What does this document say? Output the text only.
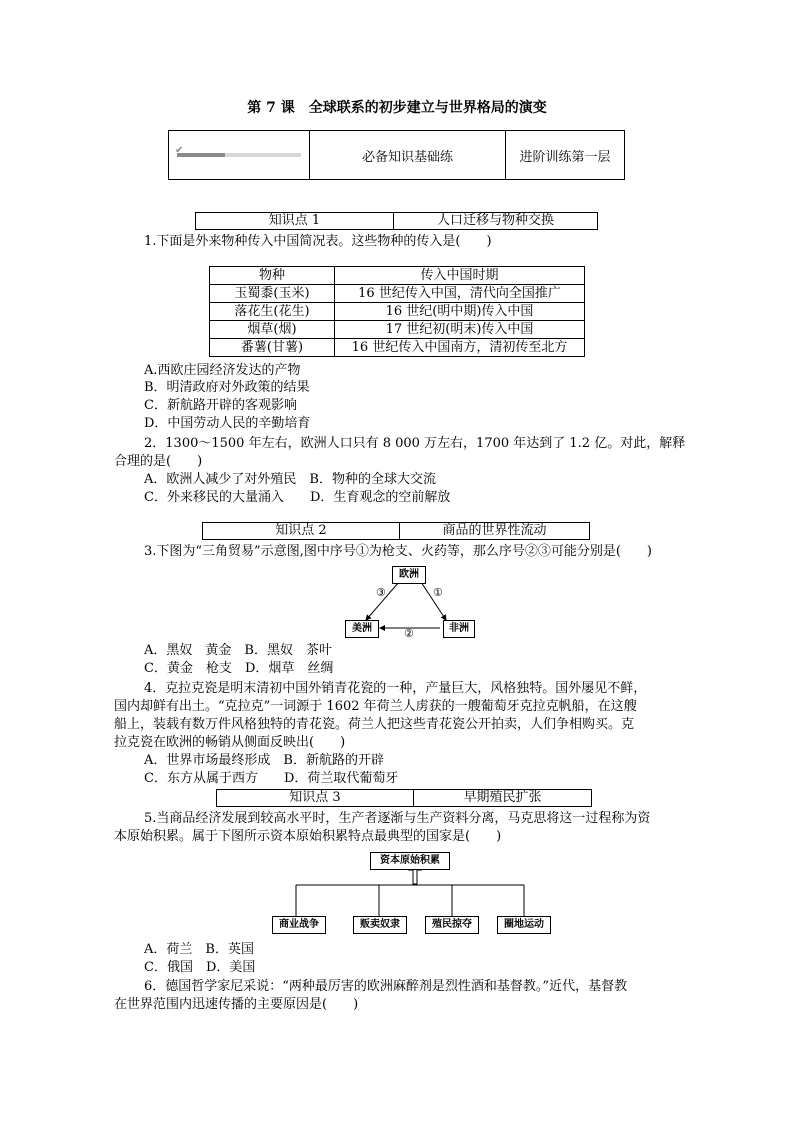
第 7 课　全球联系的初步建立与世界格局的演变
✔	必备知识基础练	进阶训练第一层
知识点 1	人口迁移与物种交换
1.下面是外来物种传入中国简况表。这些物种的传入是(　　)
物种	传入中国时期
玉蜀黍(玉米)	16 世纪传入中国，清代向全国推广
落花生(花生)	16 世纪(明中期)传入中国
烟草(烟)	17 世纪初(明末)传入中国
番薯(甘薯)	16 世纪传入中国南方，清初传至北方
A.西欧庄园经济发达的产物
B．明清政府对外政策的结果
C．新航路开辟的客观影响
D．中国劳动人民的辛勤培育
2．1300～1500 年左右，欧洲人口只有 8 000 万左右，1700 年达到了 1.2 亿。对此，解释
合理的是(　　)
A．欧洲人减少了对外殖民　B．物种的全球大交流
C．外来移民的大量涌入　　D．生育观念的空前解放
知识点 2	商品的世界性流动
3.下图为“三角贸易”示意图,图中序号①为枪支、火药等，那么序号②③可能分别是(　　)
欧洲
美洲	非洲
③	①
②
A．黑奴　黄金　B．黑奴　茶叶
C．黄金　枪支　D．烟草　丝绸
4．克拉克瓷是明末清初中国外销青花瓷的一种，产量巨大，风格独特。国外屡见不鲜，
国内却鲜有出土。“克拉克”一词源于 1602 年荷兰人虏获的一艘葡萄牙克拉克帆船，在这艘
船上，装载有数万件风格独特的青花瓷。荷兰人把这些青花瓷公开拍卖，人们争相购买。克
拉克瓷在欧洲的畅销从侧面反映出(　　)
A．世界市场最终形成　B．新航路的开辟
C．东方从属于西方　　D．荷兰取代葡萄牙
知识点 3	早期殖民扩张
5.当商品经济发展到较高水平时，生产者逐渐与生产资料分离，马克思将这一过程称为资
本原始积累。属于下图所示资本原始积累特点最典型的国家是(　　)
资本原始积累
商业战争	贩卖奴隶	殖民掠夺	圈地运动
A．荷兰　B．英国
C．俄国　D．美国
6．德国哲学家尼采说：“两种最厉害的欧洲麻醉剂是烈性酒和基督教。”近代，基督教
在世界范围内迅速传播的主要原因是(　　)
